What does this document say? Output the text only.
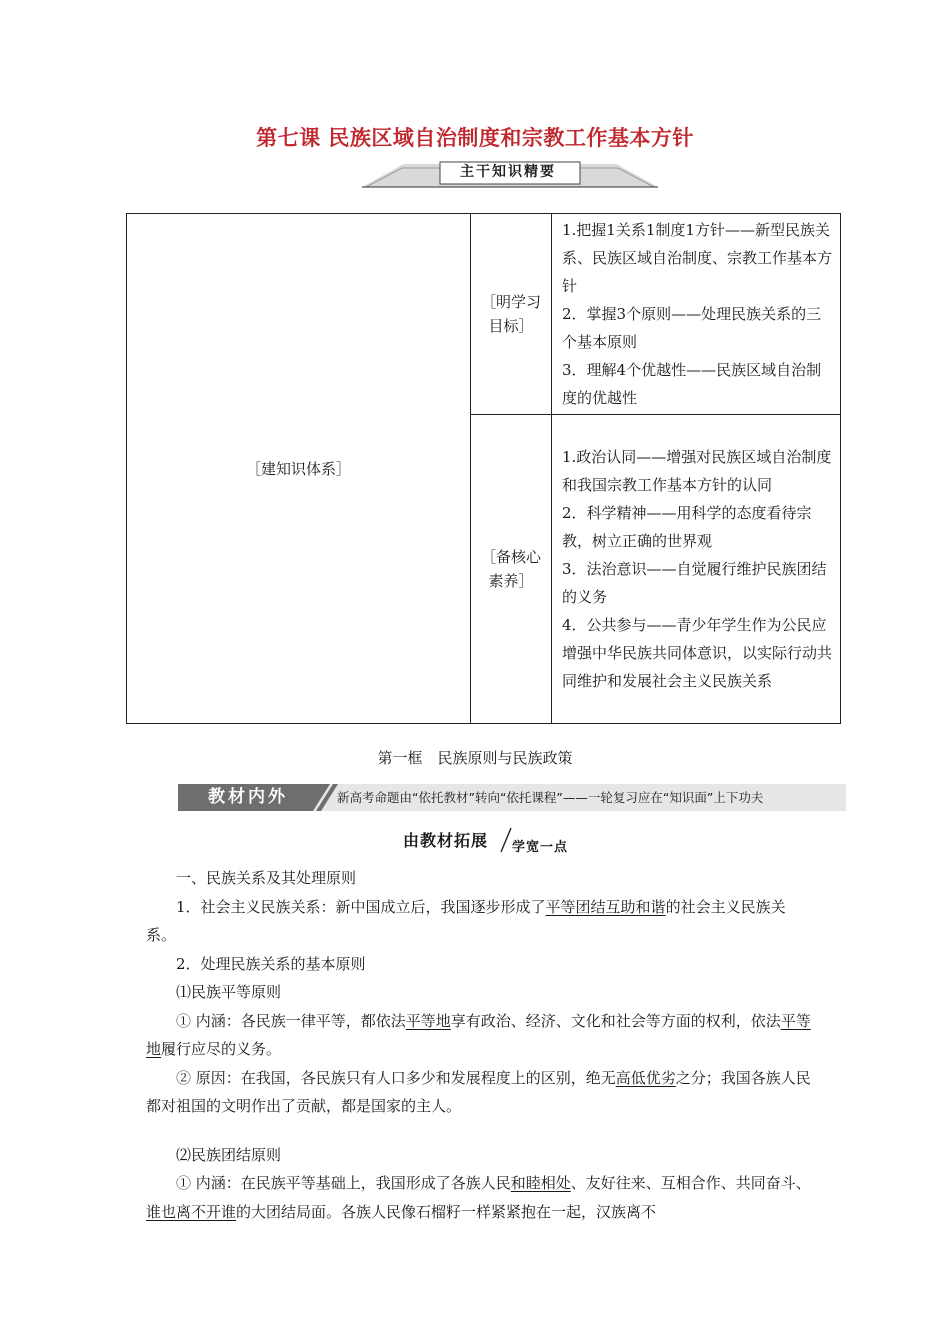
第七课 民族区域自治制度和宗教工作基本方针
主干知识精要
［建知识体系］	［明学习目标］	1.把握1关系1制度1方针——新型民族关系、民族区域自治制度、宗教工作基本方针
2．掌握3个原则——处理民族关系的三个基本原则
3．理解4个优越性——民族区域自治制度的优越性

	［备核心素养］	1.政治认同——增强对民族区域自治制度和我国宗教工作基本方针的认同
2．科学精神——用科学的态度看待宗教，树立正确的世界观
3．法治意识——自觉履行维护民族团结的义务
4．公共参与——青少年学生作为公民应增强中华民族共同体意识，以实际行动共同维护和发展社会主义民族关系
第一框　民族原则与民族政策
教材内外	新高考命题由“依托教材”转向“依托课程”——一轮复习应在“知识面”上下功夫
由教材拓展 学宽一点

一、民族关系及其处理原则

1．社会主义民族关系：新中国成立后，我国逐步形成了平等团结互助和谐的社会主义民族关系。

2．处理民族关系的基本原则

⑴民族平等原则

① 内涵：各民族一律平等，都依法平等地享有政治、经济、文化和社会等方面的权利，依法平等地履行应尽的义务。

② 原因：在我国，各民族只有人口多少和发展程度上的区别，绝无高低优劣之分；我国各族人民都对祖国的文明作出了贡献，都是国家的主人。

⑵民族团结原则

① 内涵：在民族平等基础上，我国形成了各族人民和睦相处、友好往来、互相合作、共同奋斗、谁也离不开谁的大团结局面。各族人民像石榴籽一样紧紧抱在一起，汉族离不
